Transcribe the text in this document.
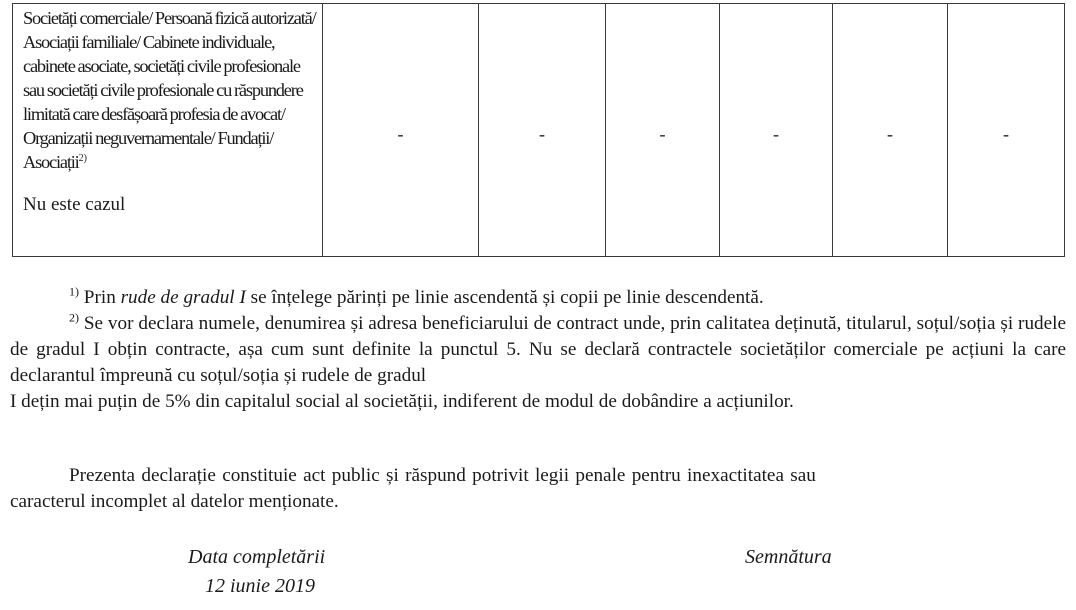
Societăți comerciale/ Persoană fizică autorizată/ Asociații familiale/ Cabinete individuale, cabinete asociate, societăți civile profesionale sau societăți civile profesionale cu răspundere limitată care desfășoară profesia de avocat/ Organizații neguvernamentale/ Fundații/ Asociații$^{2)}$

Nu este cazul
	-	-	-	-	-	-

$^{1)}$ Prin rude de gradul I se înțelege părinți pe linie ascendentă și copii pe linie descendentă.

$^{2)}$ Se vor declara numele, denumirea și adresa beneficiarului de contract unde, prin calitatea deținută, titularul, soțul/soția și rudele de gradul I obțin contracte, așa cum sunt definite la punctul 5. Nu se declară contractele societăților comerciale pe acțiuni la care declarantul împreună cu soțul/soția și rudele de gradul

I dețin mai puțin de 5% din capitalul social al societății, indiferent de modul de dobândire a acțiunilor.

Prezenta declarație constituie act public și răspund potrivit legii penale pentru inexactitatea sau
caracterul incomplet al datelor menționate.

Data completării
12 iunie 2019
Semnătura
